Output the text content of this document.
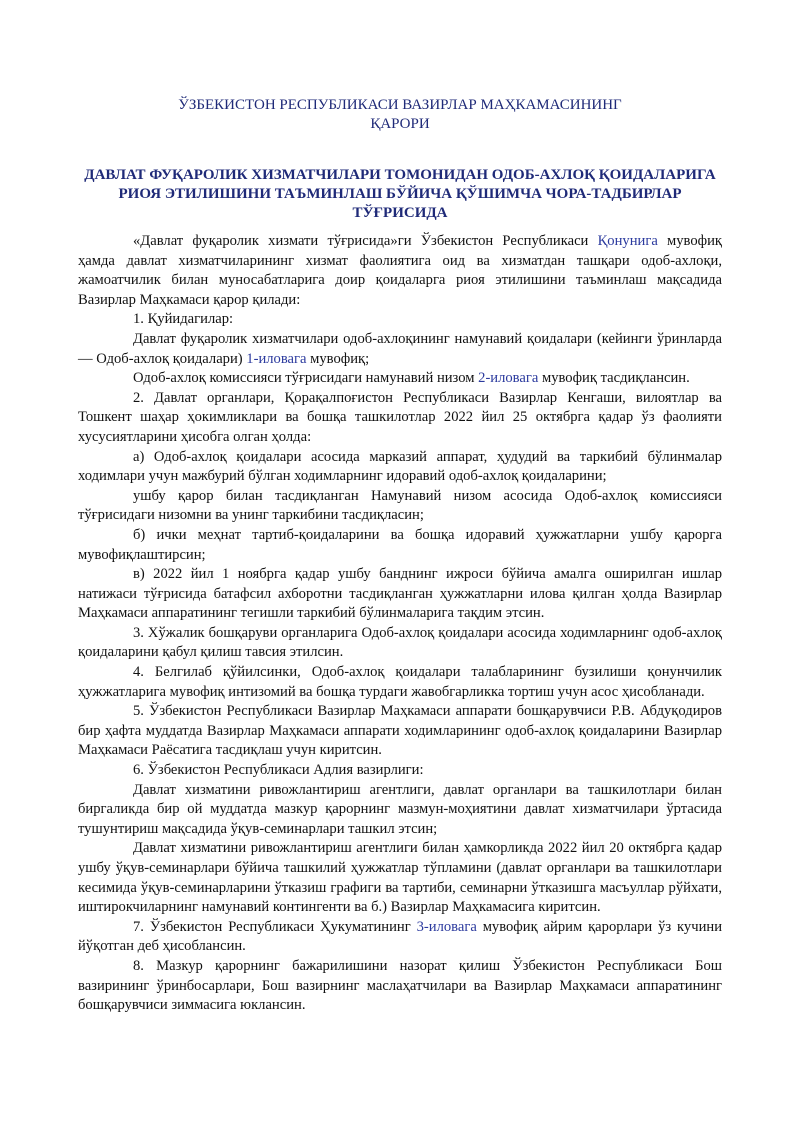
ЎЗБЕКИСТОН РЕСПУБЛИКАСИ ВАЗИРЛАР МАҲКАМАСИНИНГ

ҚАРОРИ

ДАВЛАТ ФУҚАРОЛИК ХИЗМАТЧИЛАРИ ТОМОНИДАН ОДОБ-АХЛОҚ ҚОИДАЛАРИГА РИОЯ ЭТИЛИШИНИ ТАЪМИНЛАШ БЎЙИЧА ҚЎШИМЧА ЧОРА-ТАДБИРЛАР ТЎҒРИСИДА

«Давлат фуқаролик хизмати тўғрисида»ги Ўзбекистон Республикаси Қонунига мувофиқ ҳамда давлат хизматчиларининг хизмат фаолиятига оид ва хизматдан ташқари одоб-ахлоқи, жамоатчилик билан муносабатларига доир қоидаларга риоя этилишини таъминлаш мақсадида Вазирлар Маҳкамаси қарор қилади:

1. Қуйидагилар:

Давлат фуқаролик хизматчилари одоб-ахлоқининг намунавий қоидалари (кейинги ўринларда — Одоб-ахлоқ қоидалари) 1-иловага мувофиқ;

Одоб-ахлоқ комиссияси тўғрисидаги намунавий низом 2-иловага мувофиқ тасдиқлансин.

2. Давлат органлари, Қорақалпоғистон Республикаси Вазирлар Кенгаши, вилоятлар ва Тошкент шаҳар ҳокимликлари ва бошқа ташкилотлар 2022 йил 25 октябрга қадар ўз фаолияти хусусиятларини ҳисобга олган ҳолда:

а) Одоб-ахлоқ қоидалари асосида марказий аппарат, ҳудудий ва таркибий бўлинмалар ходимлари учун мажбурий бўлган ходимларнинг идоравий одоб-ахлоқ қоидаларини;

ушбу қарор билан тасдиқланган Намунавий низом асосида Одоб-ахлоқ комиссияси тўғрисидаги низомни ва унинг таркибини тасдиқласин;

б) ички меҳнат тартиб-қоидаларини ва бошқа идоравий ҳужжатларни ушбу қарорга мувофиқлаштирсин;

в) 2022 йил 1 ноябрга қадар ушбу банднинг ижроси бўйича амалга оширилган ишлар натижаси тўғрисида батафсил ахборотни тасдиқланган ҳужжатларни илова қилган ҳолда Вазирлар Маҳкамаси аппаратининг тегишли таркибий бўлинмаларига тақдим этсин.

3. Хўжалик бошқаруви органларига Одоб-ахлоқ қоидалари асосида ходимларнинг одоб-ахлоқ қоидаларини қабул қилиш тавсия этилсин.

4. Белгилаб қўйилсинки, Одоб-ахлоқ қоидалари талабларининг бузилиши қонунчилик ҳужжатларига мувофиқ интизомий ва бошқа турдаги жавобгарликка тортиш учун асос ҳисобланади.

5. Ўзбекистон Республикаси Вазирлар Маҳкамаси аппарати бошқарувчиси Р.В. Абдуқодиров бир ҳафта муддатда Вазирлар Маҳкамаси аппарати ходимларининг одоб-ахлоқ қоидаларини Вазирлар Маҳкамаси Раёсатига тасдиқлаш учун киритсин.

6. Ўзбекистон Республикаси Адлия вазирлиги:

Давлат хизматини ривожлантириш агентлиги, давлат органлари ва ташкилотлари билан биргаликда бир ой муддатда мазкур қарорнинг мазмун-моҳиятини давлат хизматчилари ўртасида тушунтириш мақсадида ўқув-семинарлари ташкил этсин;

Давлат хизматини ривожлантириш агентлиги билан ҳамкорликда 2022 йил 20 октябрга қадар ушбу ўқув-семинарлари бўйича ташкилий ҳужжатлар тўпламини (давлат органлари ва ташкилотлари кесимида ўқув-семинарларини ўтказиш графиги ва тартиби, семинарни ўтказишга масъуллар рўйхати, иштирокчиларнинг намунавий контингенти ва б.) Вазирлар Маҳкамасига киритсин.

7. Ўзбекистон Республикаси Ҳукуматининг 3-иловага мувофиқ айрим қарорлари ўз кучини йўқотган деб ҳисоблансин.

8. Мазкур қарорнинг бажарилишини назорат қилиш Ўзбекистон Республикаси Бош вазирининг ўринбосарлари, Бош вазирнинг маслаҳатчилари ва Вазирлар Маҳкамаси аппаратининг бошқарувчиси зиммасига юклансин.
